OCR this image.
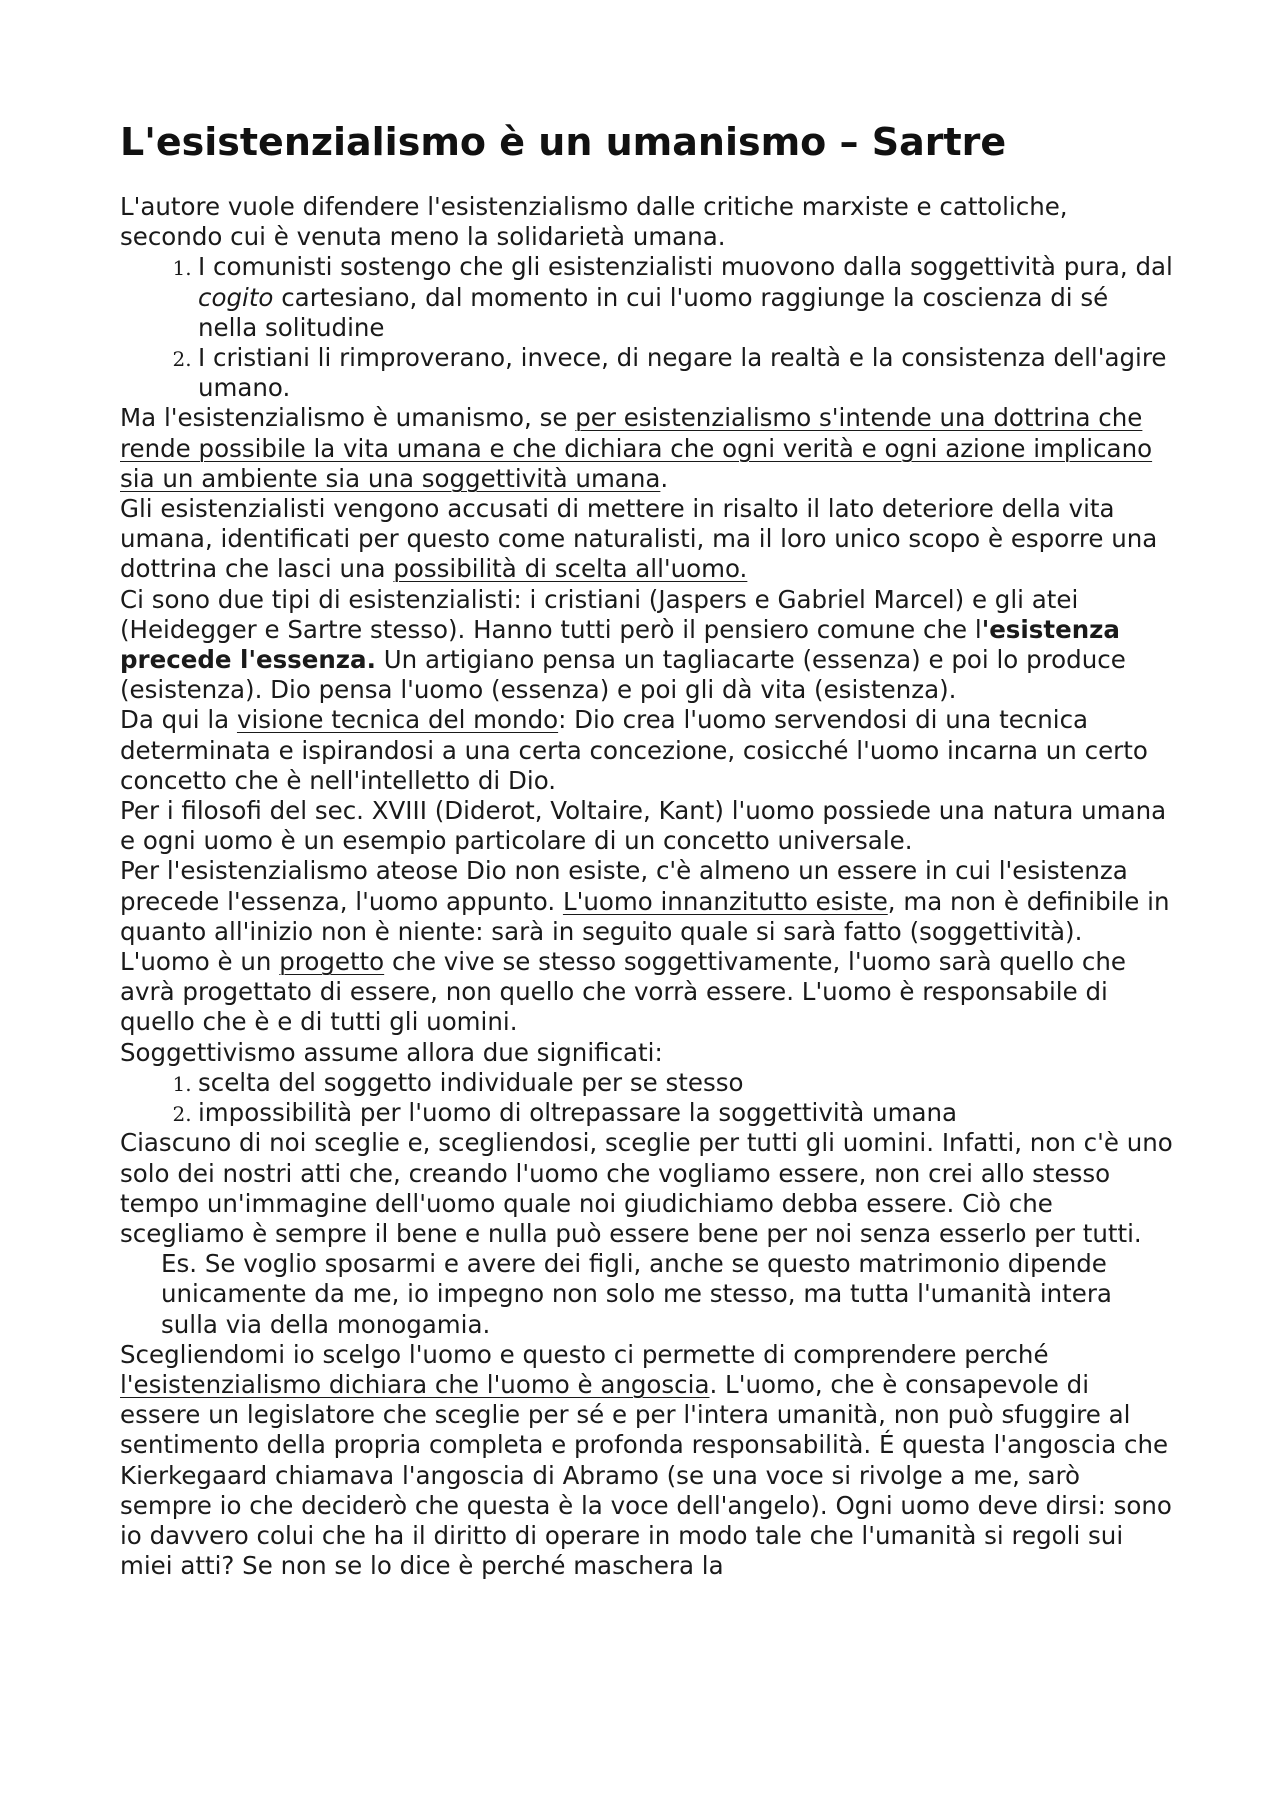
L'esistenzialismo è un umanismo – Sartre

L'autore vuole difendere l'esistenzialismo dalle critiche marxiste e cattoliche, secondo cui è venuta meno la solidarietà umana.

1. I comunisti sostengo che gli esistenzialisti muovono dalla soggettività pura, dal cogito cartesiano, dal momento in cui l'uomo raggiunge la coscienza di sé nella solitudine
2. I cristiani li rimproverano, invece, di negare la realtà e la consistenza dell'agire umano.

Ma l'esistenzialismo è umanismo, se per esistenzialismo s'intende una dottrina che rende possibile la vita umana e che dichiara che ogni verità e ogni azione implicano sia un ambiente sia una soggettività umana.

Gli esistenzialisti vengono accusati di mettere in risalto il lato deteriore della vita umana, identificati per questo come naturalisti, ma il loro unico scopo è esporre una dottrina che lasci una possibilità di scelta all'uomo.

Ci sono due tipi di esistenzialisti: i cristiani (Jaspers e Gabriel Marcel) e gli atei (Heidegger e Sartre stesso). Hanno tutti però il pensiero comune che l'esistenza precede l'essenza. Un artigiano pensa un tagliacarte (essenza) e poi lo produce (esistenza). Dio pensa l'uomo (essenza) e poi gli dà vita (esistenza).

Da qui la visione tecnica del mondo: Dio crea l'uomo servendosi di una tecnica determinata e ispirandosi a una certa concezione, cosicché l'uomo incarna un certo concetto che è nell'intelletto di Dio.

Per i filosofi del sec. XVIII (Diderot, Voltaire, Kant) l'uomo possiede una natura umana e ogni uomo è un esempio particolare di un concetto universale.

Per l'esistenzialismo ateose Dio non esiste, c'è almeno un essere in cui l'esistenza precede l'essenza, l'uomo appunto. L'uomo innanzitutto esiste, ma non è definibile in quanto all'inizio non è niente: sarà in seguito quale si sarà fatto (soggettività).

L'uomo è un progetto che vive se stesso soggettivamente, l'uomo sarà quello che avrà progettato di essere, non quello che vorrà essere. L'uomo è responsabile di quello che è e di tutti gli uomini.

Soggettivismo assume allora due significati:

1. scelta del soggetto individuale per se stesso
2. impossibilità per l'uomo di oltrepassare la soggettività umana

Ciascuno di noi sceglie e, scegliendosi, sceglie per tutti gli uomini. Infatti, non c'è uno solo dei nostri atti che, creando l'uomo che vogliamo essere, non crei allo stesso tempo un'immagine dell'uomo quale noi giudichiamo debba essere. Ciò che scegliamo è sempre il bene e nulla può essere bene per noi senza esserlo per tutti.

Es. Se voglio sposarmi e avere dei figli, anche se questo matrimonio dipende unicamente da me, io impegno non solo me stesso, ma tutta l'umanità intera sulla via della monogamia.

Scegliendomi io scelgo l'uomo e questo ci permette di comprendere perché l'esistenzialismo dichiara che l'uomo è angoscia. L'uomo, che è consapevole di essere un legislatore che sceglie per sé e per l'intera umanità, non può sfuggire al sentimento della propria completa e profonda responsabilità. É questa l'angoscia che Kierkegaard chiamava l'angoscia di Abramo (se una voce si rivolge a me, sarò sempre io che deciderò che questa è la voce dell'angelo). Ogni uomo deve dirsi: sono io davvero colui che ha il diritto di operare in modo tale che l'umanità si regoli sui miei atti? Se non se lo dice è perché maschera la
